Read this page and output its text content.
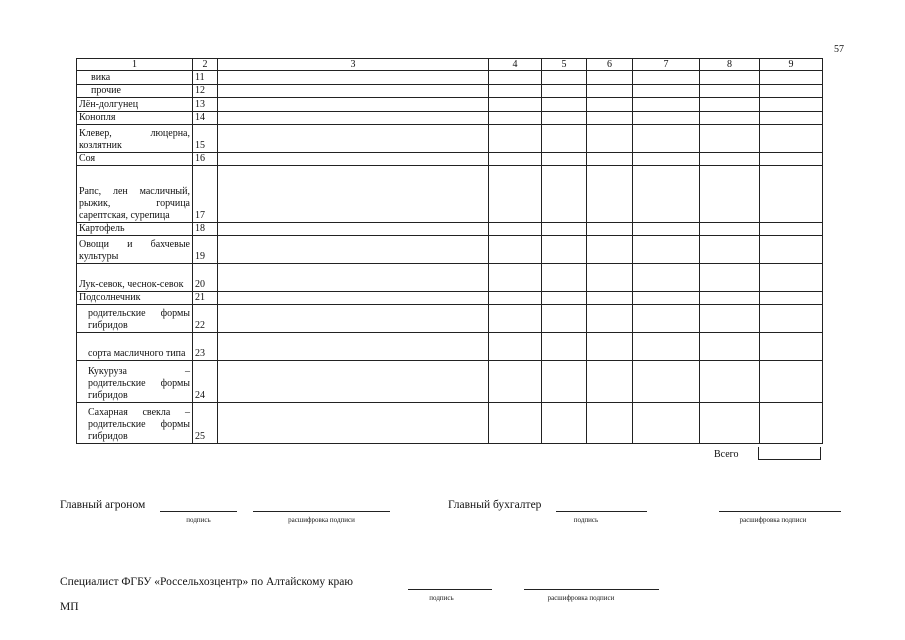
57
1	2	3	4	5	6	7	8	9
вика	11							
прочие	12							
Лён-долгунец	13							
Конопля	14							
Клевер, люцерна, козлятник	15							
Соя	16							
Рапс, лен масличный, рыжик, горчица сарептская, сурепица	17							
Картофель	18							
Овощи и бахчевые культуры	19							
Лук-севок, чеснок-севок	20							
Подсолнечник	21							
родительские формы гибридов	22							
сорта масличного типа	23							
Кукуруза – родительские формы гибридов	24							
Сахарная свекла – родительские формы гибридов	25							
Всего
Главный агроном
подпись	расшифровка подписи
Главный бухгалтер
подпись	расшифровка подписи
Специалист ФГБУ «Россельхозцентр» по Алтайскому краю
подпись	расшифровка подписи
МП
